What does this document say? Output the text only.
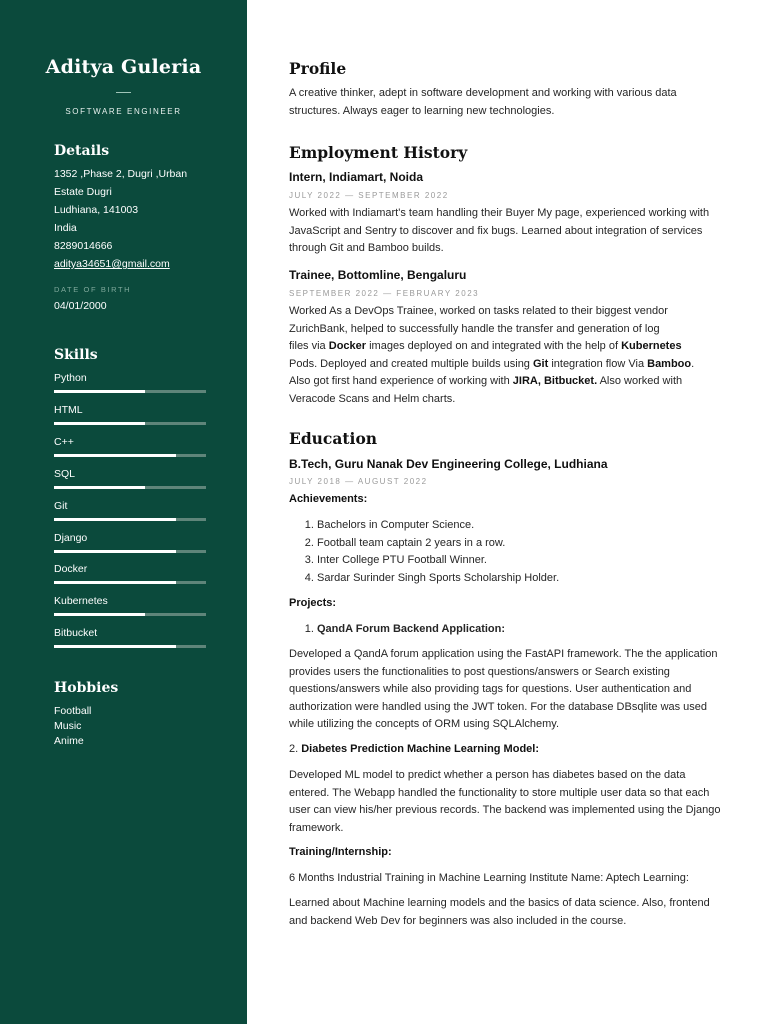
Aditya Guleria
SOFTWARE ENGINEER
Details
1352 ,Phase 2, Dugri ,Urban
Estate Dugri
Ludhiana, 141003
India
8289014666
aditya34651@gmail.com
DATE OF BIRTH
04/01/2000
Skills
Python
HTML
C++
SQL
Git
Django
Docker
Kubernetes
Bitbucket
Hobbies
Football
Music
Anime
Profile
A creative thinker, adept in software development and working with various data structures. Always eager to learning new technologies.
Employment History
Intern, Indiamart, Noida
JULY 2022 — SEPTEMBER 2022
Worked with Indiamart's team handling their Buyer My page, experienced working with JavaScript and Sentry to discover and fix bugs. Learned about integration of services through Git and Bamboo builds.
Trainee, Bottomline, Bengaluru
SEPTEMBER 2022 — FEBRUARY 2023
Worked As a DevOps Trainee, worked on tasks related to their biggest vendor
ZurichBank, helped to successfully handle the transfer and generation of log
files via Docker images deployed on and integrated with the help of Kubernetes
Pods. Deployed and created multiple builds using Git integration flow Via Bamboo.
Also got first hand experience of working with JIRA, Bitbucket. Also worked with
Veracode Scans and Helm charts.
Education
B.Tech, Guru Nanak Dev Engineering College, Ludhiana
JULY 2018 — AUGUST 2022
Achievements:
1. Bachelors in Computer Science.
2. Football team captain 2 years in a row.
3. Inter College PTU Football Winner.
4. Sardar Surinder Singh Sports Scholarship Holder.
Projects:
1. QandA Forum Backend Application:
Developed a QandA forum application using the FastAPI framework. The the application provides users the functionalities to post questions/answers or Search existing questions/answers while also providing tags for questions. User authentication and authorization were handled using the JWT token. For the database DBsqlite was used while utilizing the concepts of ORM using SQLAlchemy.
2. Diabetes Prediction Machine Learning Model:
Developed ML model to predict whether a person has diabetes based on the data entered. The Webapp handled the functionality to store multiple user data so that each user can view his/her previous records. The backend was implemented using the Django framework.
Training/Internship:
6 Months Industrial Training in Machine Learning Institute Name: Aptech Learning:
Learned about Machine learning models and the basics of data science. Also, frontend and backend Web Dev for beginners was also included in the course.
